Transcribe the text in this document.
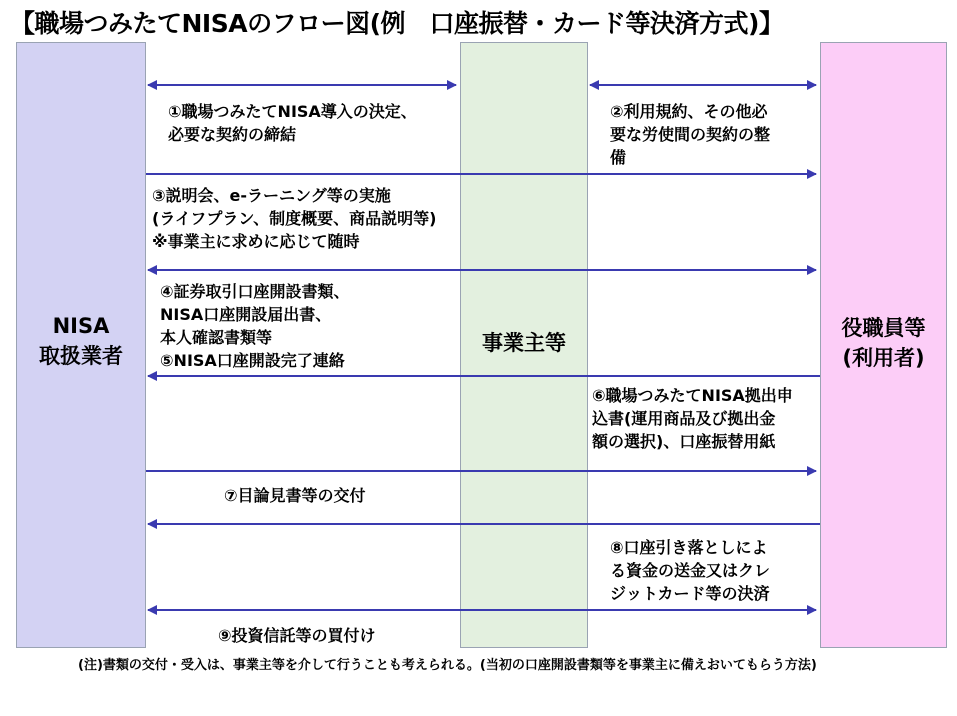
【職場つみたてNISAのフロー図(例　口座振替・カード等決済方式)】
NISA
取扱業者
事業主等
役職員等
(利用者)
①職場つみたてNISA導入の決定、
必要な契約の締結
②利用規約、その他必
要な労使間の契約の整
備
③説明会、e-ラーニング等の実施
(ライフプラン、制度概要、商品説明等)
※事業主に求めに応じて随時
④証券取引口座開設書類、
NISA口座開設届出書、
本人確認書類等
⑤NISA口座開設完了連絡
⑥職場つみたてNISA拠出申
込書(運用商品及び拠出金
額の選択)、口座振替用紙
⑦目論見書等の交付
⑧口座引き落としによ
る資金の送金又はクレ
ジットカード等の決済
⑨投資信託等の買付け
(注)書類の交付・受入は、事業主等を介して行うことも考えられる。(当初の口座開設書類等を事業主に備えおいてもらう方法)
